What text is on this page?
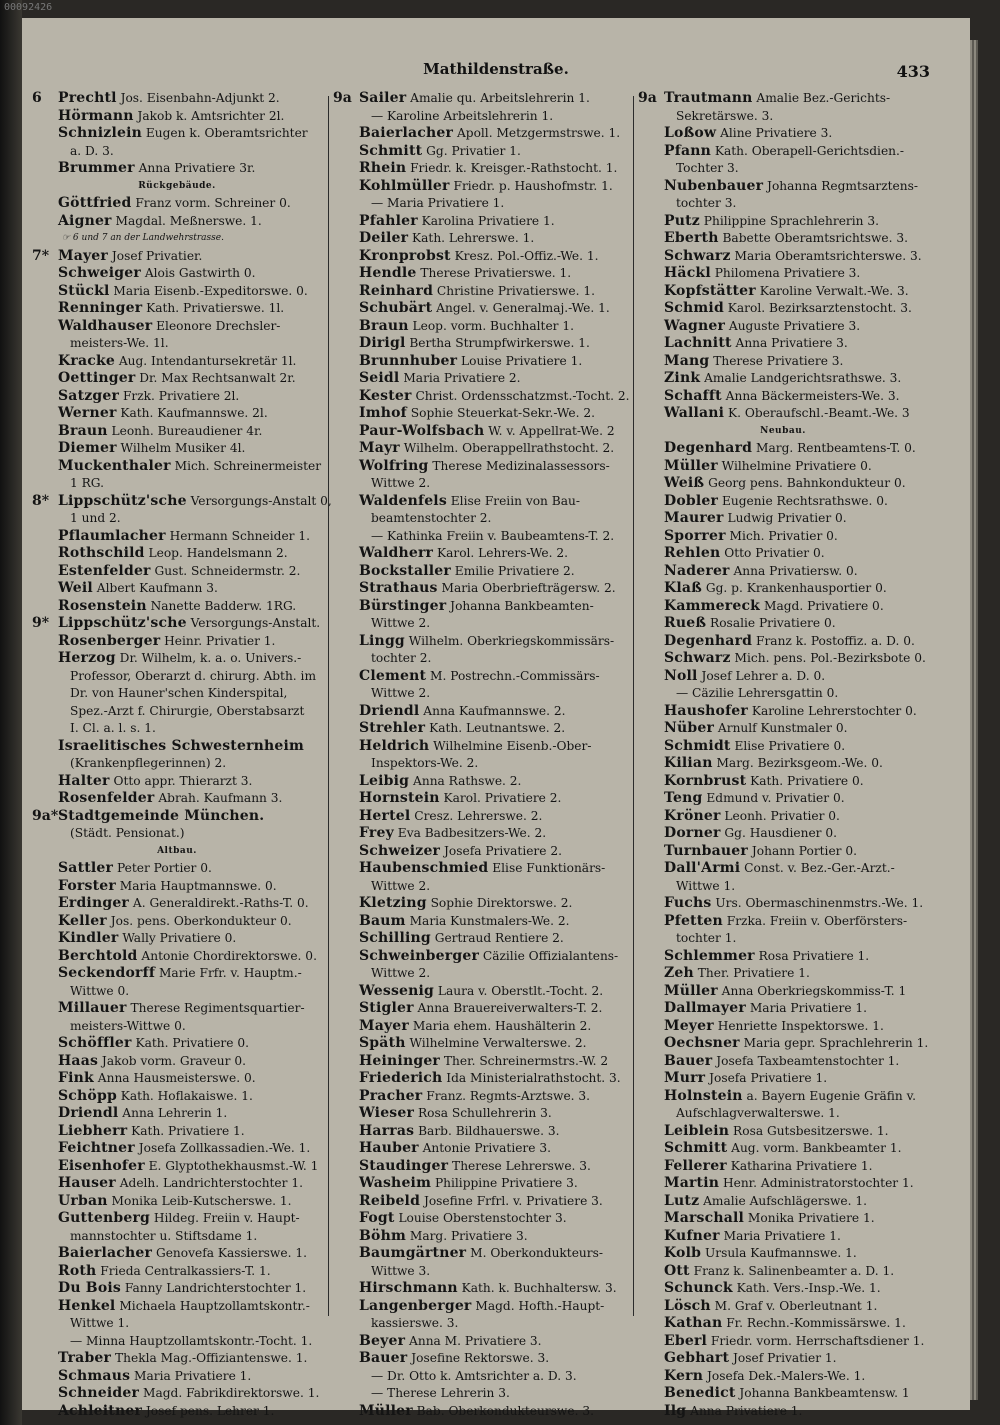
00092426
Mathildenstraße.	433
6 Prechtl Jos. Eisenbahn-Adjunkt 2.
Hörmann Jakob k. Amtsrichter 2l.
Schnizlein Eugen k. Oberamtsrichter
a. D. 3.
Brummer Anna Privatiere 3r.
Rückgebäude.
Göttfried Franz vorm. Schreiner 0.
Aigner Magdal. Meßnerswe. 1.
☞ 6 und 7 an der Landwehrstrasse.
7* Mayer Josef Privatier.
Schweiger Alois Gastwirth 0.
Stückl Maria Eisenb.-Expeditorswe. 0.
Renninger Kath. Privatierswe. 1l.
Waldhauser Eleonore Drechsler-
meisters-We. 1l.
Kracke Aug. Intendantursekretär 1l.
Oettinger Dr. Max Rechtsanwalt 2r.
Satzger Frzk. Privatiere 2l.
Werner Kath. Kaufmannswe. 2l.
Braun Leonh. Bureaudiener 4r.
Diemer Wilhelm Musiker 4l.
Muckenthaler Mich. Schreinermeister
1 RG.
8* Lippschütz'sche Versorgungs-Anstalt 0,
1 und 2.
Pflaumlacher Hermann Schneider 1.
Rothschild Leop. Handelsmann 2.
Estenfelder Gust. Schneidermstr. 2.
Weil Albert Kaufmann 3.
Rosenstein Nanette Badderw. 1RG.
9* Lippschütz'sche Versorgungs-Anstalt.
Rosenberger Heinr. Privatier 1.
Herzog Dr. Wilhelm, k. a. o. Univers.-
Professor, Oberarzt d. chirurg. Abth. im
Dr. von Hauner'schen Kinderspital,
Spez.-Arzt f. Chirurgie, Oberstabsarzt
I. Cl. a. l. s. 1.
Israelitisches Schwesternheim
(Krankenpflegerinnen) 2.
Halter Otto appr. Thierarzt 3.
Rosenfelder Abrah. Kaufmann 3.
9a*Stadtgemeinde München.
(Städt. Pensionat.)
Altbau.
Sattler Peter Portier 0.
Forster Maria Hauptmannswe. 0.
Erdinger A. Generaldirekt.-Raths-T. 0.
Keller Jos. pens. Oberkondukteur 0.
Kindler Wally Privatiere 0.
Berchtold Antonie Chordirektorswe. 0.
Seckendorff Marie Frfr. v. Hauptm.-
Wittwe 0.
Millauer Therese Regimentsquartier-
meisters-Wittwe 0.
Schöffler Kath. Privatiere 0.
Haas Jakob vorm. Graveur 0.
Fink Anna Hausmeisterswe. 0.
Schöpp Kath. Hoflakaiswe. 1.
Driendl Anna Lehrerin 1.
Liebherr Kath. Privatiere 1.
Feichtner Josefa Zollkassadien.-We. 1.
Eisenhofer E. Glyptothekhausmst.-W. 1
Hauser Adelh. Landrichterstochter 1.
Urban Monika Leib-Kutscherswe. 1.
Guttenberg Hildeg. Freiin v. Haupt-
mannstochter u. Stiftsdame 1.
Baierlacher Genovefa Kassierswe. 1.
Roth Frieda Centralkassiers-T. 1.
Du Bois Fanny Landrichterstochter 1.
Henkel Michaela Hauptzollamtskontr.-
Wittwe 1.
— Minna Hauptzollamtskontr.-Tocht. 1.
Traber Thekla Mag.-Offiziantenswe. 1.
Schmaus Maria Privatiere 1.
Schneider Magd. Fabrikdirektorswe. 1.
Achleitner Josef pens. Lehrer 1.
9a Sailer Amalie qu. Arbeitslehrerin 1.
— Karoline Arbeitslehrerin 1.
Baierlacher Apoll. Metzgermstrswe. 1.
Schmitt Gg. Privatier 1.
Rhein Friedr. k. Kreisger.-Rathstocht. 1.
Kohlmüller Friedr. p. Haushofmstr. 1.
— Maria Privatiere 1.
Pfahler Karolina Privatiere 1.
Deiler Kath. Lehrerswe. 1.
Kronprobst Kresz. Pol.-Offiz.-We. 1.
Hendle Therese Privatierswe. 1.
Reinhard Christine Privatierswe. 1.
Schubärt Angel. v. Generalmaj.-We. 1.
Braun Leop. vorm. Buchhalter 1.
Dirigl Bertha Strumpfwirkerswe. 1.
Brunnhuber Louise Privatiere 1.
Seidl Maria Privatiere 2.
Kester Christ. Ordensschatzmst.-Tocht. 2.
Imhof Sophie Steuerkat-Sekr.-We. 2.
Paur-Wolfsbach W. v. Appellrat-We. 2
Mayr Wilhelm. Oberappellrathstocht. 2.
Wolfring Therese Medizinalassessors-
Wittwe 2.
Waldenfels Elise Freiin von Bau-
beamtenstochter 2.
— Kathinka Freiin v. Baubeamtens-T. 2.
Waldherr Karol. Lehrers-We. 2.
Bockstaller Emilie Privatiere 2.
Strathaus Maria Oberbriefträgersw. 2.
Bürstinger Johanna Bankbeamten-
Wittwe 2.
Lingg Wilhelm. Oberkriegskommissärs-
tochter 2.
Clement M. Postrechn.-Commissärs-
Wittwe 2.
Driendl Anna Kaufmannswe. 2.
Strehler Kath. Leutnantswe. 2.
Heldrich Wilhelmine Eisenb.-Ober-
Inspektors-We. 2.
Leibig Anna Rathswe. 2.
Hornstein Karol. Privatiere 2.
Hertel Cresz. Lehrerswe. 2.
Frey Eva Badbesitzers-We. 2.
Schweizer Josefa Privatiere 2.
Haubenschmied Elise Funktionärs-
Wittwe 2.
Kletzing Sophie Direktorswe. 2.
Baum Maria Kunstmalers-We. 2.
Schilling Gertraud Rentiere 2.
Schweinberger Cäzilie Offizialantens-
Wittwe 2.
Wessenig Laura v. Oberstlt.-Tocht. 2.
Stigler Anna Brauereiverwalters-T. 2.
Mayer Maria ehem. Haushälterin 2.
Späth Wilhelmine Verwalterswe. 2.
Heininger Ther. Schreinermstrs.-W. 2
Friederich Ida Ministerialrathstocht. 3.
Pracher Franz. Regmts-Arztswe. 3.
Wieser Rosa Schullehrerin 3.
Harras Barb. Bildhauerswe. 3.
Hauber Antonie Privatiere 3.
Staudinger Therese Lehrerswe. 3.
Washeim Philippine Privatiere 3.
Reibeld Josefine Frfrl. v. Privatiere 3.
Fogt Louise Oberstenstochter 3.
Böhm Marg. Privatiere 3.
Baumgärtner M. Oberkondukteurs-
Wittwe 3.
Hirschmann Kath. k. Buchhaltersw. 3.
Langenberger Magd. Hofth.-Haupt-
kassierswe. 3.
Beyer Anna M. Privatiere 3.
Bauer Josefine Rektorswe. 3.
— Dr. Otto k. Amtsrichter a. D. 3.
— Therese Lehrerin 3.
Müller Bab. Oberkondukteurswe. 3.
9a Trautmann Amalie Bez.-Gerichts-
Sekretärswe. 3.
Loßow Aline Privatiere 3.
Pfann Kath. Oberapell-Gerichtsdien.-
Tochter 3.
Nubenbauer Johanna Regmtsarztens-
tochter 3.
Putz Philippine Sprachlehrerin 3.
Eberth Babette Oberamtsrichtswe. 3.
Schwarz Maria Oberamtsrichterswe. 3.
Häckl Philomena Privatiere 3.
Kopfstätter Karoline Verwalt.-We. 3.
Schmid Karol. Bezirksarztenstocht. 3.
Wagner Auguste Privatiere 3.
Lachnitt Anna Privatiere 3.
Mang Therese Privatiere 3.
Zink Amalie Landgerichtsrathswe. 3.
Schafft Anna Bäckermeisters-We. 3.
Wallani K. Oberaufschl.-Beamt.-We. 3
Neubau.
Degenhard Marg. Rentbeamtens-T. 0.
Müller Wilhelmine Privatiere 0.
Weiß Georg pens. Bahnkondukteur 0.
Dobler Eugenie Rechtsrathswe. 0.
Maurer Ludwig Privatier 0.
Sporrer Mich. Privatier 0.
Rehlen Otto Privatier 0.
Naderer Anna Privatiersw. 0.
Klaß Gg. p. Krankenhausportier 0.
Kammereck Magd. Privatiere 0.
Rueß Rosalie Privatiere 0.
Degenhard Franz k. Postoffiz. a. D. 0.
Schwarz Mich. pens. Pol.-Bezirksbote 0.
Noll Josef Lehrer a. D. 0.
— Cäzilie Lehrersgattin 0.
Haushofer Karoline Lehrerstochter 0.
Nüber Arnulf Kunstmaler 0.
Schmidt Elise Privatiere 0.
Kilian Marg. Bezirksgeom.-We. 0.
Kornbrust Kath. Privatiere 0.
Teng Edmund v. Privatier 0.
Kröner Leonh. Privatier 0.
Dorner Gg. Hausdiener 0.
Turnbauer Johann Portier 0.
Dall'Armi Const. v. Bez.-Ger.-Arzt.-
Wittwe 1.
Fuchs Urs. Obermaschinenmstrs.-We. 1.
Pfetten Frzka. Freiin v. Oberförsters-
tochter 1.
Schlemmer Rosa Privatiere 1.
Zeh Ther. Privatiere 1.
Müller Anna Oberkriegskommiss-T. 1
Dallmayer Maria Privatiere 1.
Meyer Henriette Inspektorswe. 1.
Oechsner Maria gepr. Sprachlehrerin 1.
Bauer Josefa Taxbeamtenstochter 1.
Murr Josefa Privatiere 1.
Holnstein a. Bayern Eugenie Gräfin v.
Aufschlagverwalterswe. 1.
Leiblein Rosa Gutsbesitzerswe. 1.
Schmitt Aug. vorm. Bankbeamter 1.
Fellerer Katharina Privatiere 1.
Martin Henr. Administratorstochter 1.
Lutz Amalie Aufschlägerswe. 1.
Marschall Monika Privatiere 1.
Kufner Maria Privatiere 1.
Kolb Ursula Kaufmannswe. 1.
Ott Franz k. Salinenbeamter a. D. 1.
Schunck Kath. Vers.-Insp.-We. 1.
Lösch M. Graf v. Oberleutnant 1.
Kathan Fr. Rechn.-Kommissärswe. 1.
Eberl Friedr. vorm. Herrschaftsdiener 1.
Gebhart Josef Privatier 1.
Kern Josefa Dek.-Malers-We. 1.
Benedict Johanna Bankbeamtensw. 1
Ilg Anna Privatiere 1.
